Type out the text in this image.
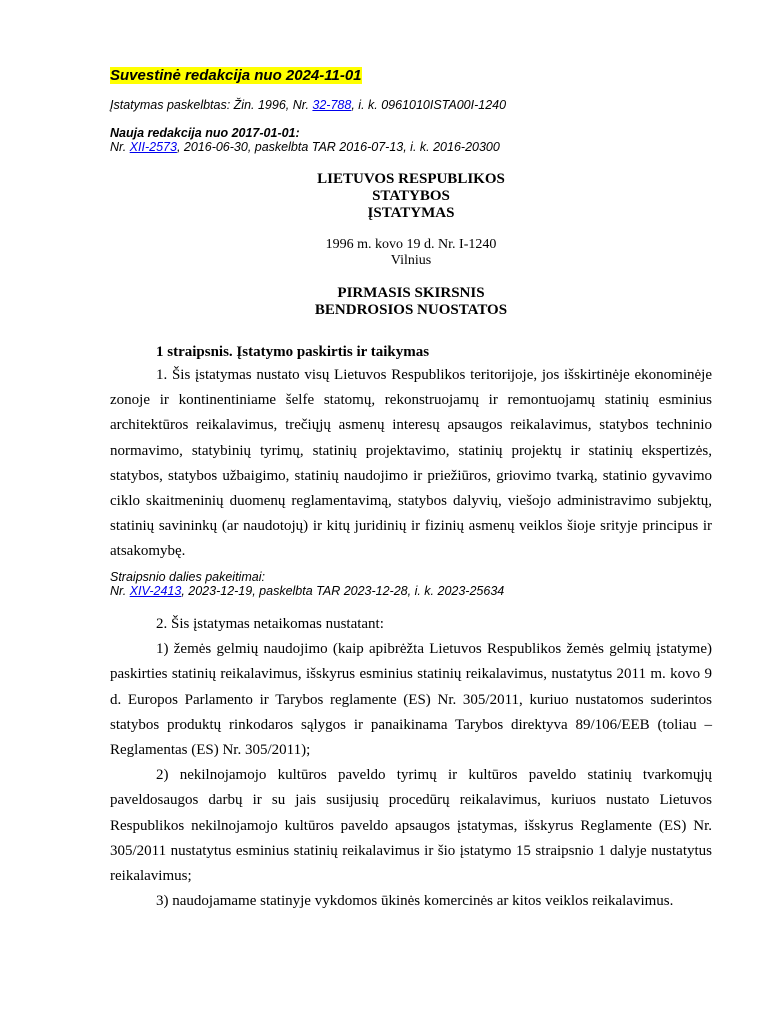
Suvestinė redakcija nuo 2024-11-01
Įstatymas paskelbtas: Žin. 1996, Nr. 32-788, i. k. 0961010ISTA00I-1240
Nauja redakcija nuo 2017-01-01:
Nr. XII-2573, 2016-06-30, paskelbta TAR 2016-07-13, i. k. 2016-20300
LIETUVOS RESPUBLIKOS
STATYBOS
ĮSTATYMAS
1996 m. kovo 19 d. Nr. I-1240
Vilnius
PIRMASIS SKIRSNIS
BENDROSIOS NUOSTATOS

1 straipsnis. Įstatymo paskirtis ir taikymas

1. Šis įstatymas nustato visų Lietuvos Respublikos teritorijoje, jos išskirtinėje ekonominėje zonoje ir kontinentiniame šelfe statomų, rekonstruojamų ir remontuojamų statinių esminius architektūros reikalavimus, trečiųjų asmenų interesų apsaugos reikalavimus, statybos techninio normavimo, statybinių tyrimų, statinių projektavimo, statinių projektų ir statinių ekspertizės, statybos, statybos užbaigimo, statinių naudojimo ir priežiūros, griovimo tvarką, statinio gyvavimo ciklo skaitmeninių duomenų reglamentavimą, statybos dalyvių, viešojo administravimo subjektų, statinių savininkų (ar naudotojų) ir kitų juridinių ir fizinių asmenų veiklos šioje srityje principus ir atsakomybę.

Straipsnio dalies pakeitimai:
Nr. XIV-2413, 2023-12-19, paskelbta TAR 2023-12-28, i. k. 2023-25634

2. Šis įstatymas netaikomas nustatant:

1) žemės gelmių naudojimo (kaip apibrėžta Lietuvos Respublikos žemės gelmių įstatyme) paskirties statinių reikalavimus, išskyrus esminius statinių reikalavimus, nustatytus 2011 m. kovo 9 d. Europos Parlamento ir Tarybos reglamente (ES) Nr. 305/2011, kuriuo nustatomos suderintos statybos produktų rinkodaros sąlygos ir panaikinama Tarybos direktyva 89/106/EEB (toliau – Reglamentas (ES) Nr. 305/2011);

2) nekilnojamojo kultūros paveldo tyrimų ir kultūros paveldo statinių tvarkomųjų paveldosaugos darbų ir su jais susijusių procedūrų reikalavimus, kuriuos nustato Lietuvos Respublikos nekilnojamojo kultūros paveldo apsaugos įstatymas, išskyrus Reglamente (ES) Nr. 305/2011 nustatytus esminius statinių reikalavimus ir šio įstatymo 15 straipsnio 1 dalyje nustatytus reikalavimus;

3) naudojamame statinyje vykdomos ūkinės komercinės ar kitos veiklos reikalavimus.
